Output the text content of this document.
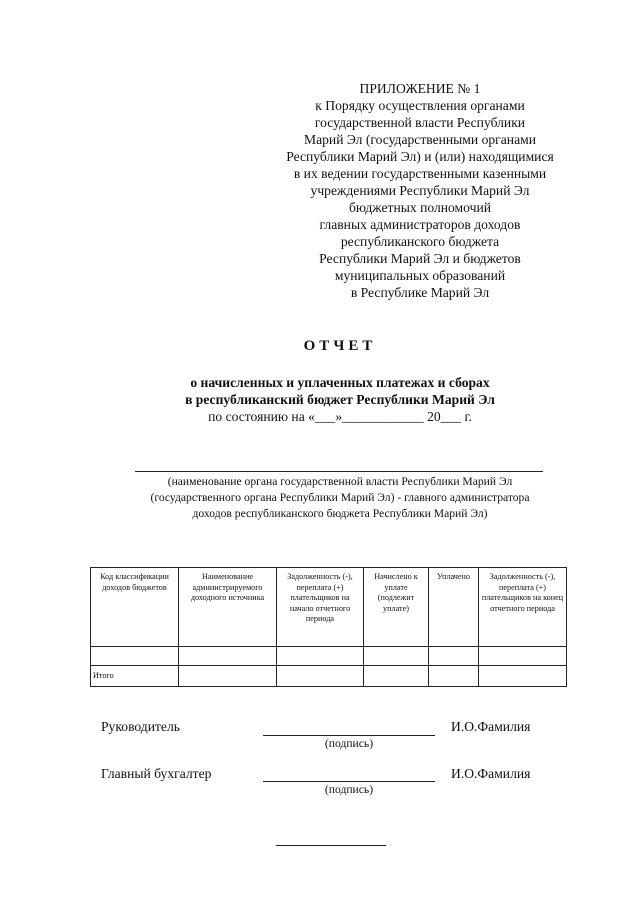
ПРИЛОЖЕНИЕ № 1
к Порядку осуществления органами
государственной власти Республики
Марий Эл (государственными органами
Республики Марий Эл) и (или) находящимися
в их ведении государственными казенными
учреждениями Республики Марий Эл
бюджетных полномочий
главных администраторов доходов
республиканского бюджета
Республики Марий Эл и бюджетов
муниципальных образований
в Республике Марий Эл
ОТЧЕТ
о начисленных и уплаченных платежах и сборах
в республиканский бюджет Республики Марий Эл
по состоянию на «___»____________ 20___ г.
(наименование органа государственной власти Республики Марий Эл
(государственного органа Республики Марий Эл) - главного администратора
доходов республиканского бюджета Республики Марий Эл)
Код классификации доходов бюджетов	Наименование администрируемого доходного источника	Задолженность (-), переплата (+) плательщиков на начало отчетного периода	Начислено к уплате (подлежит уплате)	Уплачено	Задолженность (-), переплата (+) плательщиков на конец отчетного периода

Итого					
Руководитель
(подпись)
И.О.Фамилия
Главный бухгалтер
(подпись)
И.О.Фамилия
